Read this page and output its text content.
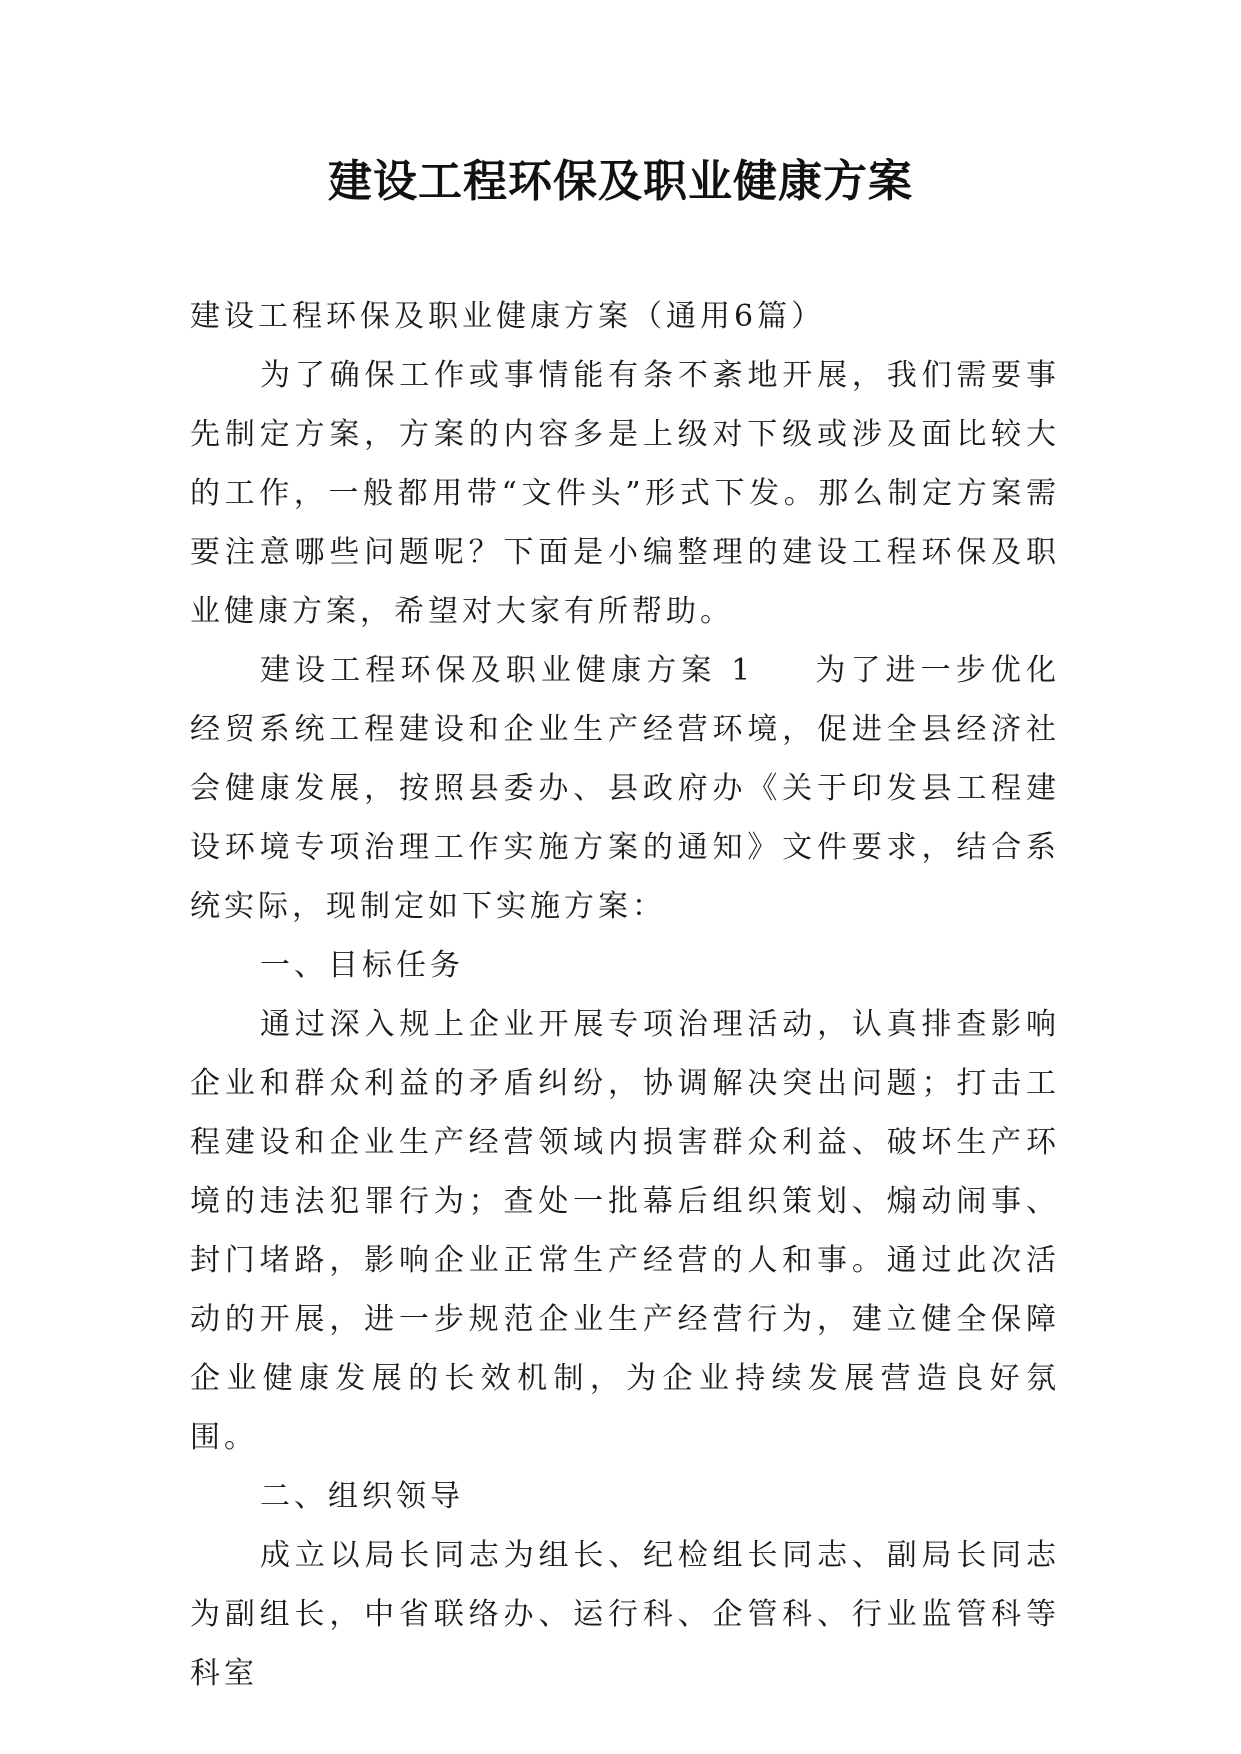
建设工程环保及职业健康方案

建设工程环保及职业健康方案（通用6篇）

为了确保工作或事情能有条不紊地开展，我们需要事先制定方案，方案的内容多是上级对下级或涉及面比较大的工作，一般都用带“文件头”形式下发。那么制定方案需要注意哪些问题呢？下面是小编整理的建设工程环保及职业健康方案，希望对大家有所帮助。

建设工程环保及职业健康方案 1 为了进一步优化经贸系统工程建设和企业生产经营环境，促进全县经济社会健康发展，按照县委办、县政府办《关于印发县工程建设环境专项治理工作实施方案的通知》文件要求，结合系统实际，现制定如下实施方案：

一、目标任务

通过深入规上企业开展专项治理活动，认真排查影响企业和群众利益的矛盾纠纷，协调解决突出问题；打击工程建设和企业生产经营领域内损害群众利益、破坏生产环境的违法犯罪行为；查处一批幕后组织策划、煽动闹事、封门堵路，影响企业正常生产经营的人和事。通过此次活动的开展，进一步规范企业生产经营行为，建立健全保障企业健康发展的长效机制，为企业持续发展营造良好氛围。

二、组织领导

成立以局长同志为组长、纪检组长同志、副局长同志为副组长，中省联络办、运行科、企管科、行业监管科等科室
